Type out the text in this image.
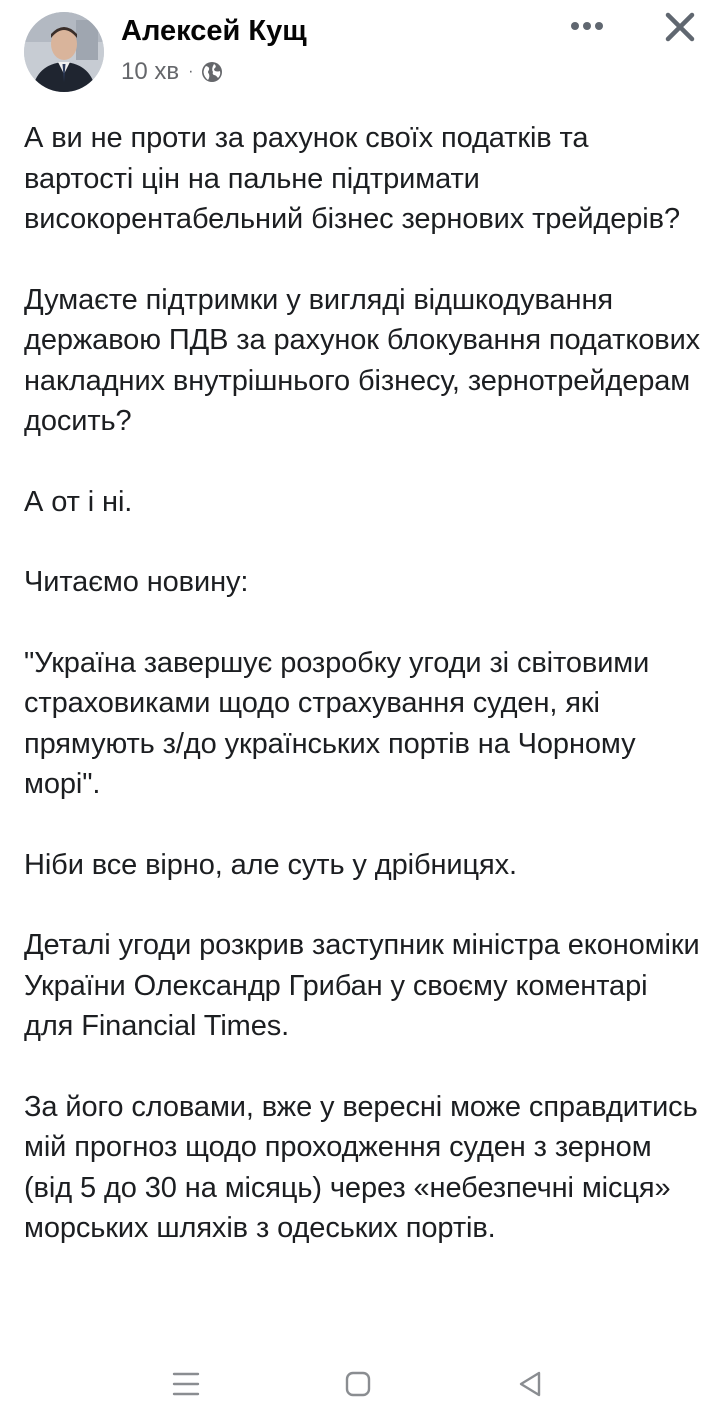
Алексей Кущ
10 хв ·

А ви не проти за рахунок своїх податків та вартості цін на пальне підтримати високорентабельний бізнес зернових трейдерів?

Думаєте підтримки у вигляді відшкодування державою ПДВ за рахунок блокування податкових накладних внутрішнього бізнесу, зернотрейдерам досить?

А от і ні.

Читаємо новину:

"Україна завершує розробку угоди зі світовими страховиками щодо страхування суден, які прямують з/до українських портів на Чорному морі".

Ніби все вірно, але суть у дрібницях.

Деталі угоди розкрив заступник міністра економіки України Олександр Грибан у своєму коментарі для Financial Times.

За його словами, вже у вересні може справдитись мій прогноз щодо проходження суден з зерном (від 5 до 30 на місяць) через «небезпечні місця» морських шляхів з одеських портів.
